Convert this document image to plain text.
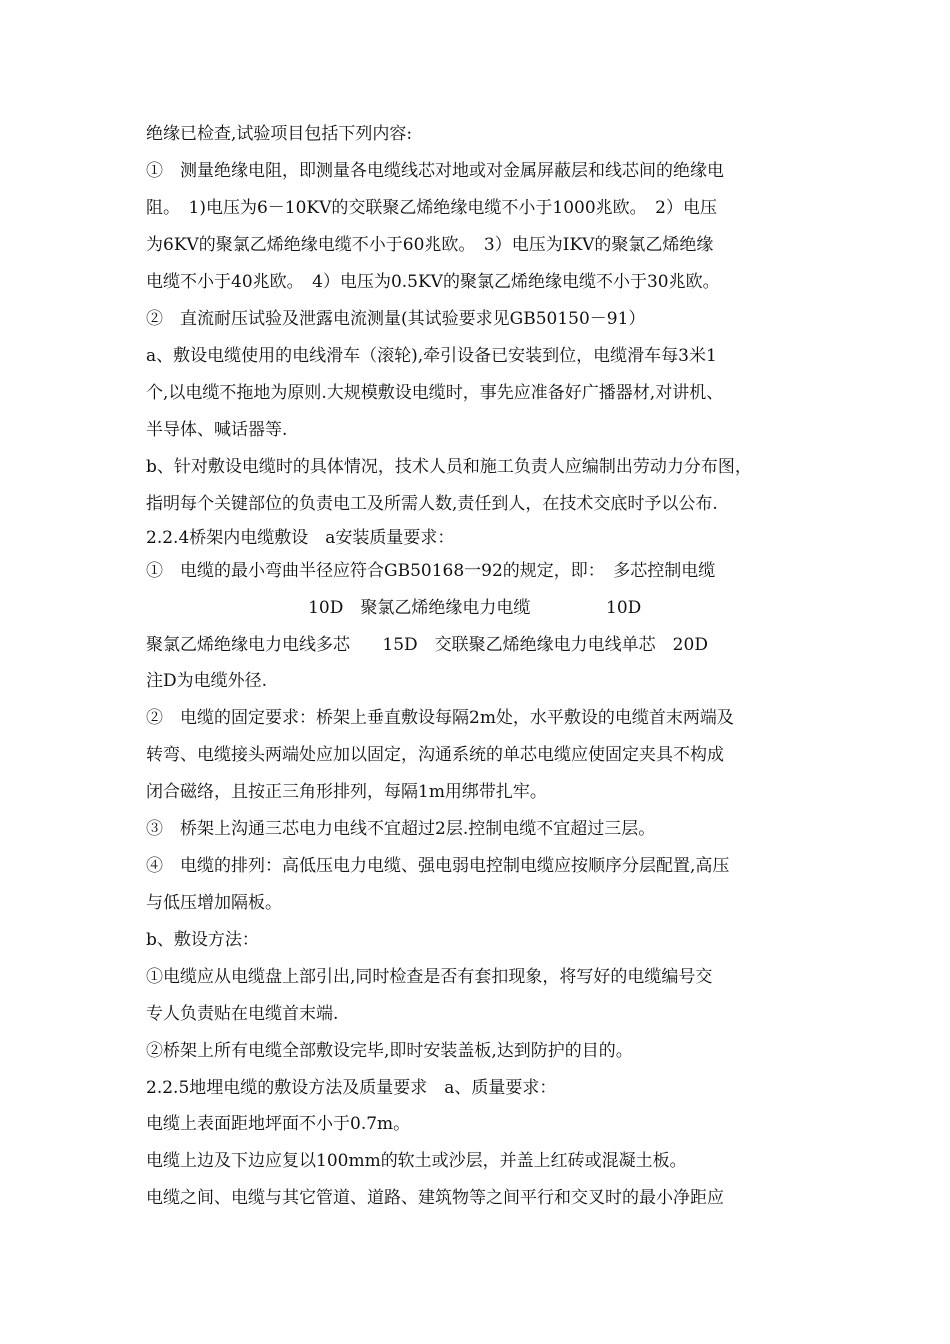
绝缘已检查,试验项目包括下列内容:
①　测量绝缘电阻，即测量各电缆线芯对地或对金属屏蔽层和线芯间的绝缘电
阻。　1)电压为6－10KV的交联聚乙烯绝缘电缆不小于1000兆欧。　2）电压
为6KV的聚氯乙烯绝缘电缆不小于60兆欧。　3）电压为IKV的聚氯乙烯绝缘
电缆不小于40兆欧。　4）电压为0.5KV的聚氯乙烯绝缘电缆不小于30兆欧。
②　直流耐压试验及泄露电流测量(其试验要求见GB50150－91）
a、敷设电缆使用的电线滑车（滚轮),牵引设备已安装到位，电缆滑车每3米1
个,以电缆不拖地为原则.大规模敷设电缆时，事先应准备好广播器材,对讲机、
半导体、喊话器等.
b、针对敷设电缆时的具体情况，技术人员和施工负责人应编制出劳动力分布图，
指明每个关键部位的负责电工及所需人数,责任到人，在技术交底时予以公布.
2.2.4桥架内电缆敷设　a安装质量要求：
①　电缆的最小弯曲半径应符合GB50168一92的规定，即：　多芯控制电缆
10D　聚氯乙烯绝缘电力电缆              10D
聚氯乙烯绝缘电力电线多芯      15D　交联聚乙烯绝缘电力电线单芯　20D
注D为电缆外径.
②　电缆的固定要求：桥架上垂直敷设每隔2m处，水平敷设的电缆首末两端及
转弯、电缆接头两端处应加以固定，沟通系统的单芯电缆应使固定夹具不构成
闭合磁络，且按正三角形排列，每隔1m用绑带扎牢。
③　桥架上沟通三芯电力电线不宜超过2层.控制电缆不宜超过三层。
④　电缆的排列：高低压电力电缆、强电弱电控制电缆应按顺序分层配置,高压
与低压增加隔板。
b、敷设方法：
①电缆应从电缆盘上部引出,同时检查是否有套扣现象，将写好的电缆编号交
专人负责贴在电缆首末端.
②桥架上所有电缆全部敷设完毕,即时安装盖板,达到防护的目的。
2.2.5地埋电缆的敷设方法及质量要求　a、质量要求：
电缆上表面距地坪面不小于0.7m。
电缆上边及下边应复以100mm的软土或沙层，并盖上红砖或混凝土板。
电缆之间、电缆与其它管道、道路、建筑物等之间平行和交叉时的最小净距应
